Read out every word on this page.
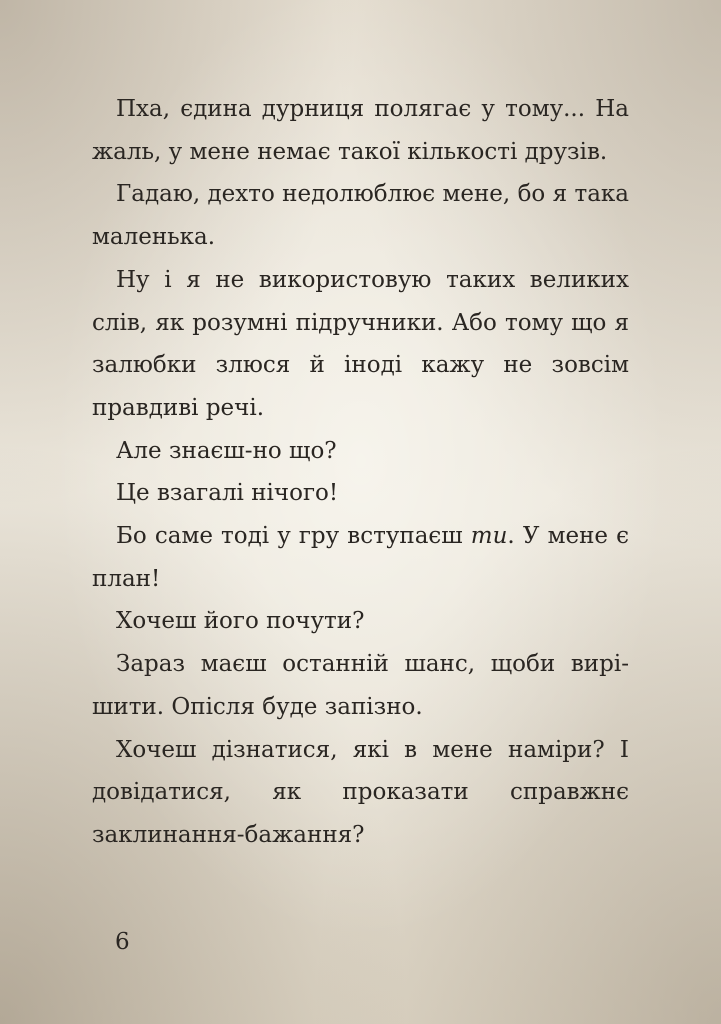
Пха, єдина дурниця полягає у тому... На жаль, у мене немає такої кількості друзів.

Гадаю, дехто недолюблює мене, бо я така маленька.

Ну і я не використовую таких великих слів, як розумні підручники. Або тому що я залюбки злюся й іноді кажу не зовсім правдиві речі.

Але знаєш-но що?

Це взагалі нічого!

Бо саме тоді у гру вступаєш ти. У мене є план!

Хочеш його почути?

Зараз маєш останній шанс, щоби вирішити. Опісля буде запізно.

Хочеш дізнатися, які в мене наміри? І довідатися, як проказати справжнє заклинання-бажання?

6
